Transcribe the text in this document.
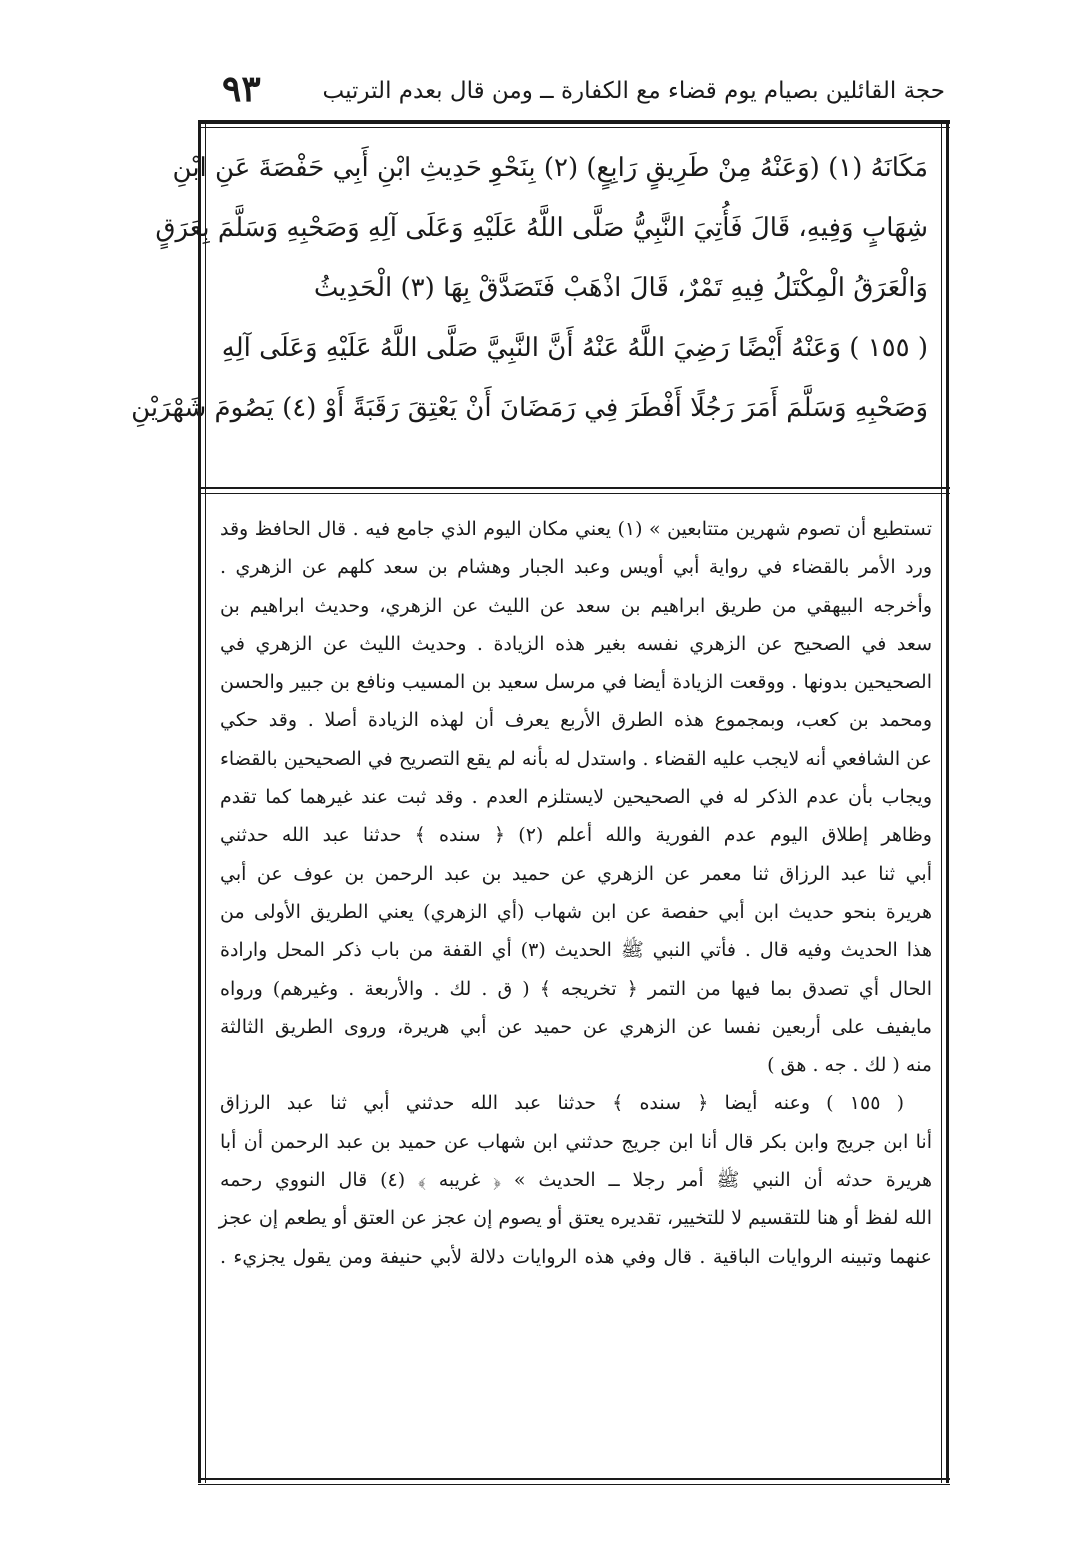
٩٣	حجة القائلين بصيام يوم قضاء مع الكفارة ــ ومن قال بعدم الترتيب
مَكَانَهُ (١) (وَعَنْهُ مِنْ طَرِيقٍ رَابِعٍ) (٢) بِنَحْوِ حَدِيثِ ابْنِ أَبِي حَفْصَةَ عَنِ ابْنِ
شِهَابٍ وَفِيهِ، قَالَ فَأُتِيَ النَّبِيُّ صَلَّى اللَّهُ عَلَيْهِ وَعَلَى آلِهِ وَصَحْبِهِ وَسَلَّمَ بِعَرَقٍ
وَالْعَرَقُ الْمِكْتَلُ فِيهِ تَمْرٌ، قَالَ اذْهَبْ فَتَصَدَّقْ بِهَا (٣) الْحَدِيثُ
( ١٥٥ ) وَعَنْهُ أَيْضًا رَضِيَ اللَّهُ عَنْهُ أَنَّ النَّبِيَّ صَلَّى اللَّهُ عَلَيْهِ وَعَلَى آلِهِ
وَصَحْبِهِ وَسَلَّمَ أَمَرَ رَجُلًا أَفْطَرَ فِي رَمَضَانَ أَنْ يَعْتِقَ رَقَبَةً أَوْ (٤) يَصُومَ شَهْرَيْنِ
تستطيع أن تصوم شهرين متتابعين » (١) يعني مكان اليوم الذي جامع فيه . قال الحافظ وقد
ورد الأمر بالقضاء في رواية أبي أويس وعبد الجبار وهشام بن سعد كلهم عن الزهري .
وأخرجه البيهقي من طريق ابراهيم بن سعد عن الليث عن الزهري، وحديث ابراهيم بن
سعد في الصحيح عن الزهري نفسه بغير هذه الزيادة . وحديث الليث عن الزهري في
الصحيحين بدونها . ووقعت الزيادة أيضا في مرسل سعيد بن المسيب ونافع بن جبير والحسن
ومحمد بن كعب، وبمجموع هذه الطرق الأربع يعرف أن لهذه الزيادة أصلا . وقد حكي
عن الشافعي أنه لايجب عليه القضاء . واستدل له بأنه لم يقع التصريح في الصحيحين بالقضاء
ويجاب بأن عدم الذكر له في الصحيحين لايستلزم العدم . وقد ثبت عند غيرهما كما تقدم
وظاهر إطلاق اليوم عدم الفورية والله أعلم (٢) ﴿ سنده ﴾ حدثنا عبد الله حدثني
أبي ثنا عبد الرزاق ثنا معمر عن الزهري عن حميد بن عبد الرحمن بن عوف عن أبي
هريرة بنحو حديث ابن أبي حفصة عن ابن شهاب (أي الزهري) يعني الطريق الأولى من
هذا الحديث وفيه قال . فأتي النبي ﷺ الحديث (٣) أي القفة من باب ذكر المحل وارادة
الحال أي تصدق بما فيها من التمر ﴿ تخريجه ﴾ ( ق . لك . والأربعة . وغيرهم) ورواه
مايفيف على أربعين نفسا عن الزهري عن حميد عن أبي هريرة، وروى الطريق الثالثة
منه ( لك . جه . هق )
( ١٥٥ ) وعنه أيضا ﴿ سنده ﴾ حدثنا عبد الله حدثني أبي ثنا عبد الرزاق
أنا ابن جريج وابن بكر قال أنا ابن جريج حدثني ابن شهاب عن حميد بن عبد الرحمن أن أبا
هريرة حدثه أن النبي ﷺ أمر رجلا ــ الحديث » ﴿ غريبه ﴾ (٤) قال النووي رحمه
الله لفظ أو هنا للتقسيم لا للتخيير، تقديره يعتق أو يصوم إن عجز عن العتق أو يطعم إن عجز
عنهما وتبينه الروايات الباقية . قال وفي هذه الروايات دلالة لأبي حنيفة ومن يقول يجزيء .
